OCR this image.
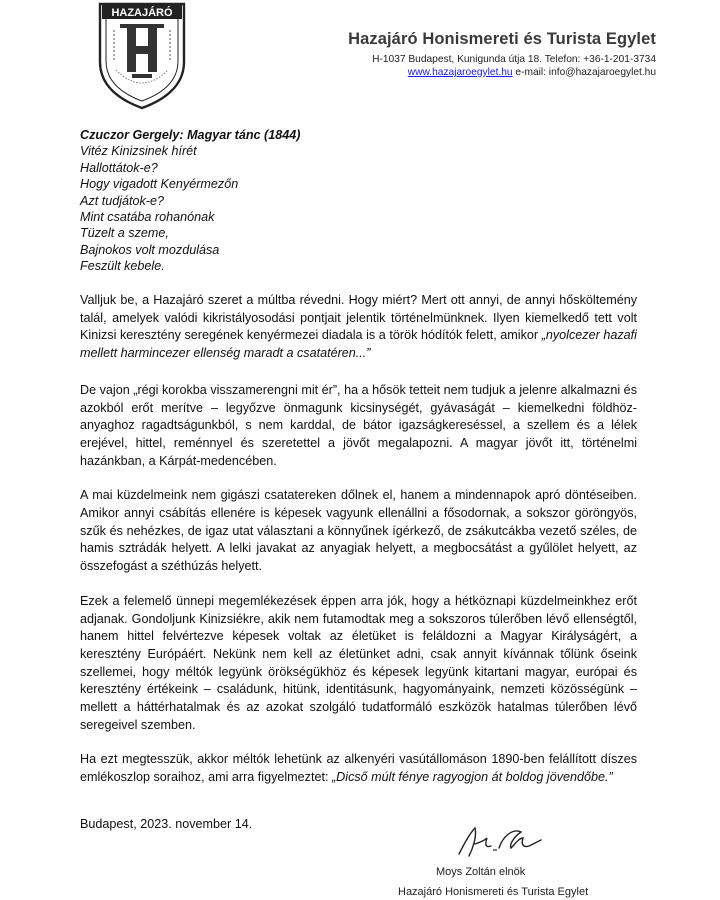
HAZAJÁRÓ
Hazajáró Honismereti és Turista Egylet
H-1037 Budapest, Kunigunda útja 18. Telefon: +36-1-201-3734
www.hazajaroegylet.hu e-mail: info@hazajaroegylet.hu
Czuczor Gergely: Magyar tánc (1844)
Vitéz Kinizsinek hírét
Hallottátok-e?
Hogy vigadott Kenyérmezőn
Azt tudjátok-e?
Mint csatába rohanónak
Tüzelt a szeme,
Bajnokos volt mozdulása
Feszült kebele.

Valljuk be, a Hazajáró szeret a múltba révedni. Hogy miért? Mert ott annyi, de annyi hősköltemény talál, amelyek valódi kikristályosodási pontjait jelentik történelmünknek. Ilyen kiemelkedő tett volt Kinizsi keresztény seregének kenyérmezei diadala is a török hódítók felett, amikor „nyolcezer hazafi mellett harmincezer ellenség maradt a csatatéren...”

De vajon „régi korokba visszamerengni mit ér”, ha a hősök tetteit nem tudjuk a jelenre alkalmazni és azokból erőt merítve – legyőzve önmagunk kicsinységét, gyávaságát – kiemelkedni földhöz-anyaghoz ragadtságunkból, s nem karddal, de bátor igazságkereséssel, a szellem és a lélek erejével, hittel, reménnyel és szeretettel a jövőt megalapozni. A magyar jövőt itt, történelmi hazánkban, a Kárpát-medencében.

A mai küzdelmeink nem gigászi csatatereken dőlnek el, hanem a mindennapok apró döntéseiben. Amikor annyi csábítás ellenére is képesek vagyunk ellenállni a fősodornak, a sokszor göröngyös, szűk és nehézkes, de igaz utat választani a könnyűnek ígérkező, de zsákutcákba vezető széles, de hamis sztrádák helyett. A lelki javakat az anyagiak helyett, a megbocsátást a gyűlölet helyett, az összefogást a széthúzás helyett.

Ezek a felemelő ünnepi megemlékezések éppen arra jók, hogy a hétköznapi küzdelmeinkhez erőt adjanak. Gondoljunk Kinizsiékre, akik nem futamodtak meg a sokszoros túlerőben lévő ellenségtől, hanem hittel felvértezve képesek voltak az életüket is feláldozni a Magyar Királyságért, a keresztény Európáért. Nekünk nem kell az életünket adni, csak annyit kívánnak tőlünk őseink szellemei, hogy méltók legyünk örökségükhöz és képesek legyünk kitartani magyar, európai és keresztény értékeink – családunk, hitünk, identitásunk, hagyományaink, nemzeti közösségünk – mellett a háttérhatalmak és az azokat szolgáló tudatformáló eszközök hatalmas túlerőben lévő seregeivel szemben.

Ha ezt megtesszük, akkor méltók lehetünk az alkenyéri vasútállomáson 1890-ben felállított díszes emlékoszlop soraihoz, ami arra figyelmeztet: „Dicső múlt fénye ragyogjon át boldog jövendőbe.”

Budapest, 2023. november 14.
Moys Zoltán elnök
Hazajáró Honismereti és Turista Egylet
